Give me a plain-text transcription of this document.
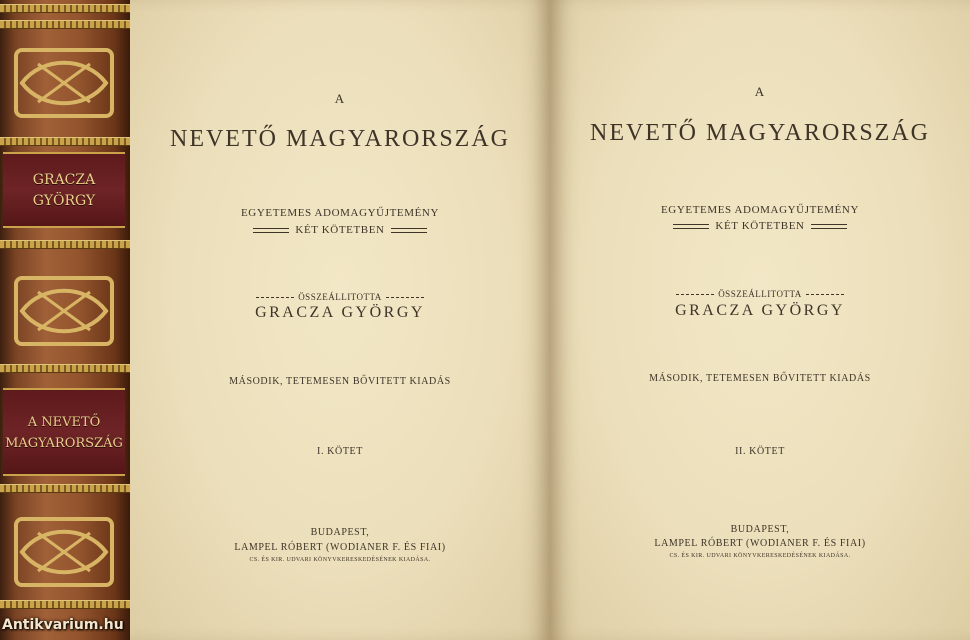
GRACZA
GYÖRGY
A NEVETŐ
MAGYARORSZÁG
Antikvarium.hu
A
NEVETŐ MAGYARORSZÁG
EGYETEMES ADOMAGYŰJTEMÉNY
KÉT KÖTETBEN
ÖSSZEÁLLITOTTA
GRACZA GYÖRGY
MÁSODIK, TETEMESEN BŐVITETT KIADÁS
I. KÖTET
BUDAPEST,
LAMPEL RÓBERT (WODIANER F. ÉS FIAI)
CS. ÉS KIR. UDVARI KÖNYVKERESKEDÉSÉNEK KIADÁSA.
A
NEVETŐ MAGYARORSZÁG
EGYETEMES ADOMAGYŰJTEMÉNY
KÉT KÖTETBEN
ÖSSZEÁLLITOTTA
GRACZA GYÖRGY
MÁSODIK, TETEMESEN BŐVITETT KIADÁS
II. KÖTET
BUDAPEST,
LAMPEL RÓBERT (WODIANER F. ÉS FIAI)
CS. ÉS KIR. UDVARI KÖNYVKERESKEDÉSÉNEK KIADÁSA.
